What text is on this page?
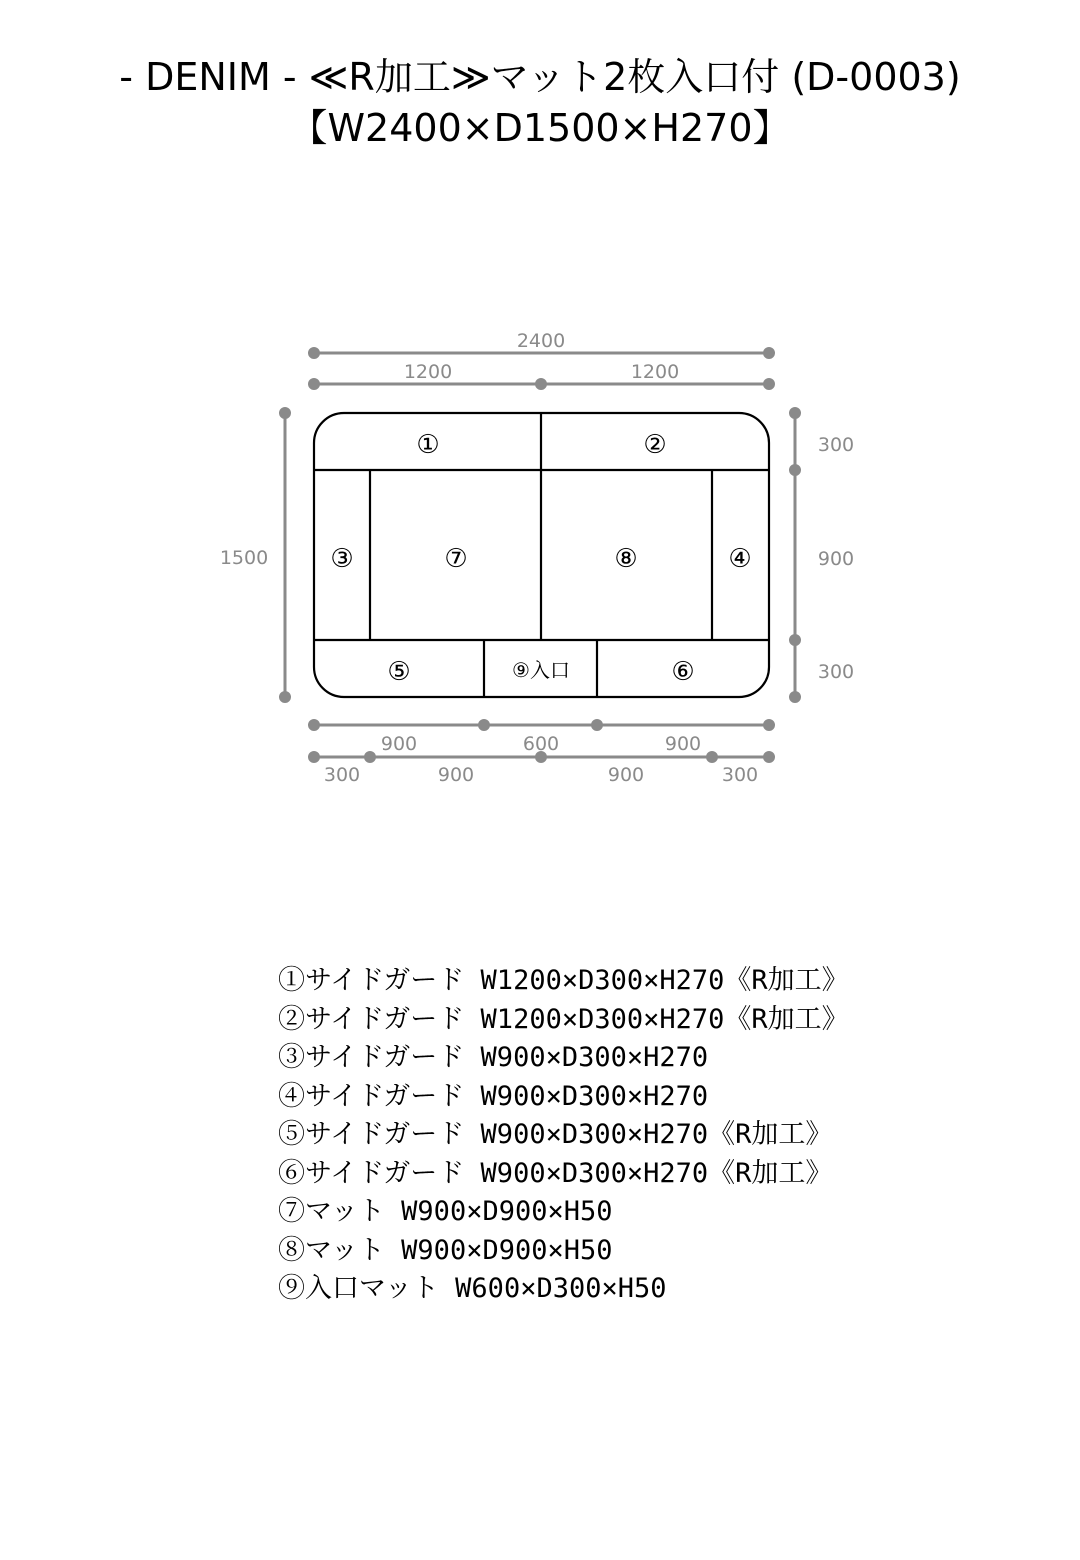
- DENIM - ≪R加工≫マット2枚入口付 (D-0003)
【W2400×D1500×H270】
2400
1200	1200
1500
300
900
300
900	600	900
300	900	900	300
①	②
③	④
⑤	⑥
⑦	⑧
⑨入口
①サイドガード W1200×D300×H270《R加工》
②サイドガード W1200×D300×H270《R加工》
③サイドガード W900×D300×H270
④サイドガード W900×D300×H270
⑤サイドガード W900×D300×H270《R加工》
⑥サイドガード W900×D300×H270《R加工》
⑦マット W900×D900×H50
⑧マット W900×D900×H50
⑨入口マット W600×D300×H50
